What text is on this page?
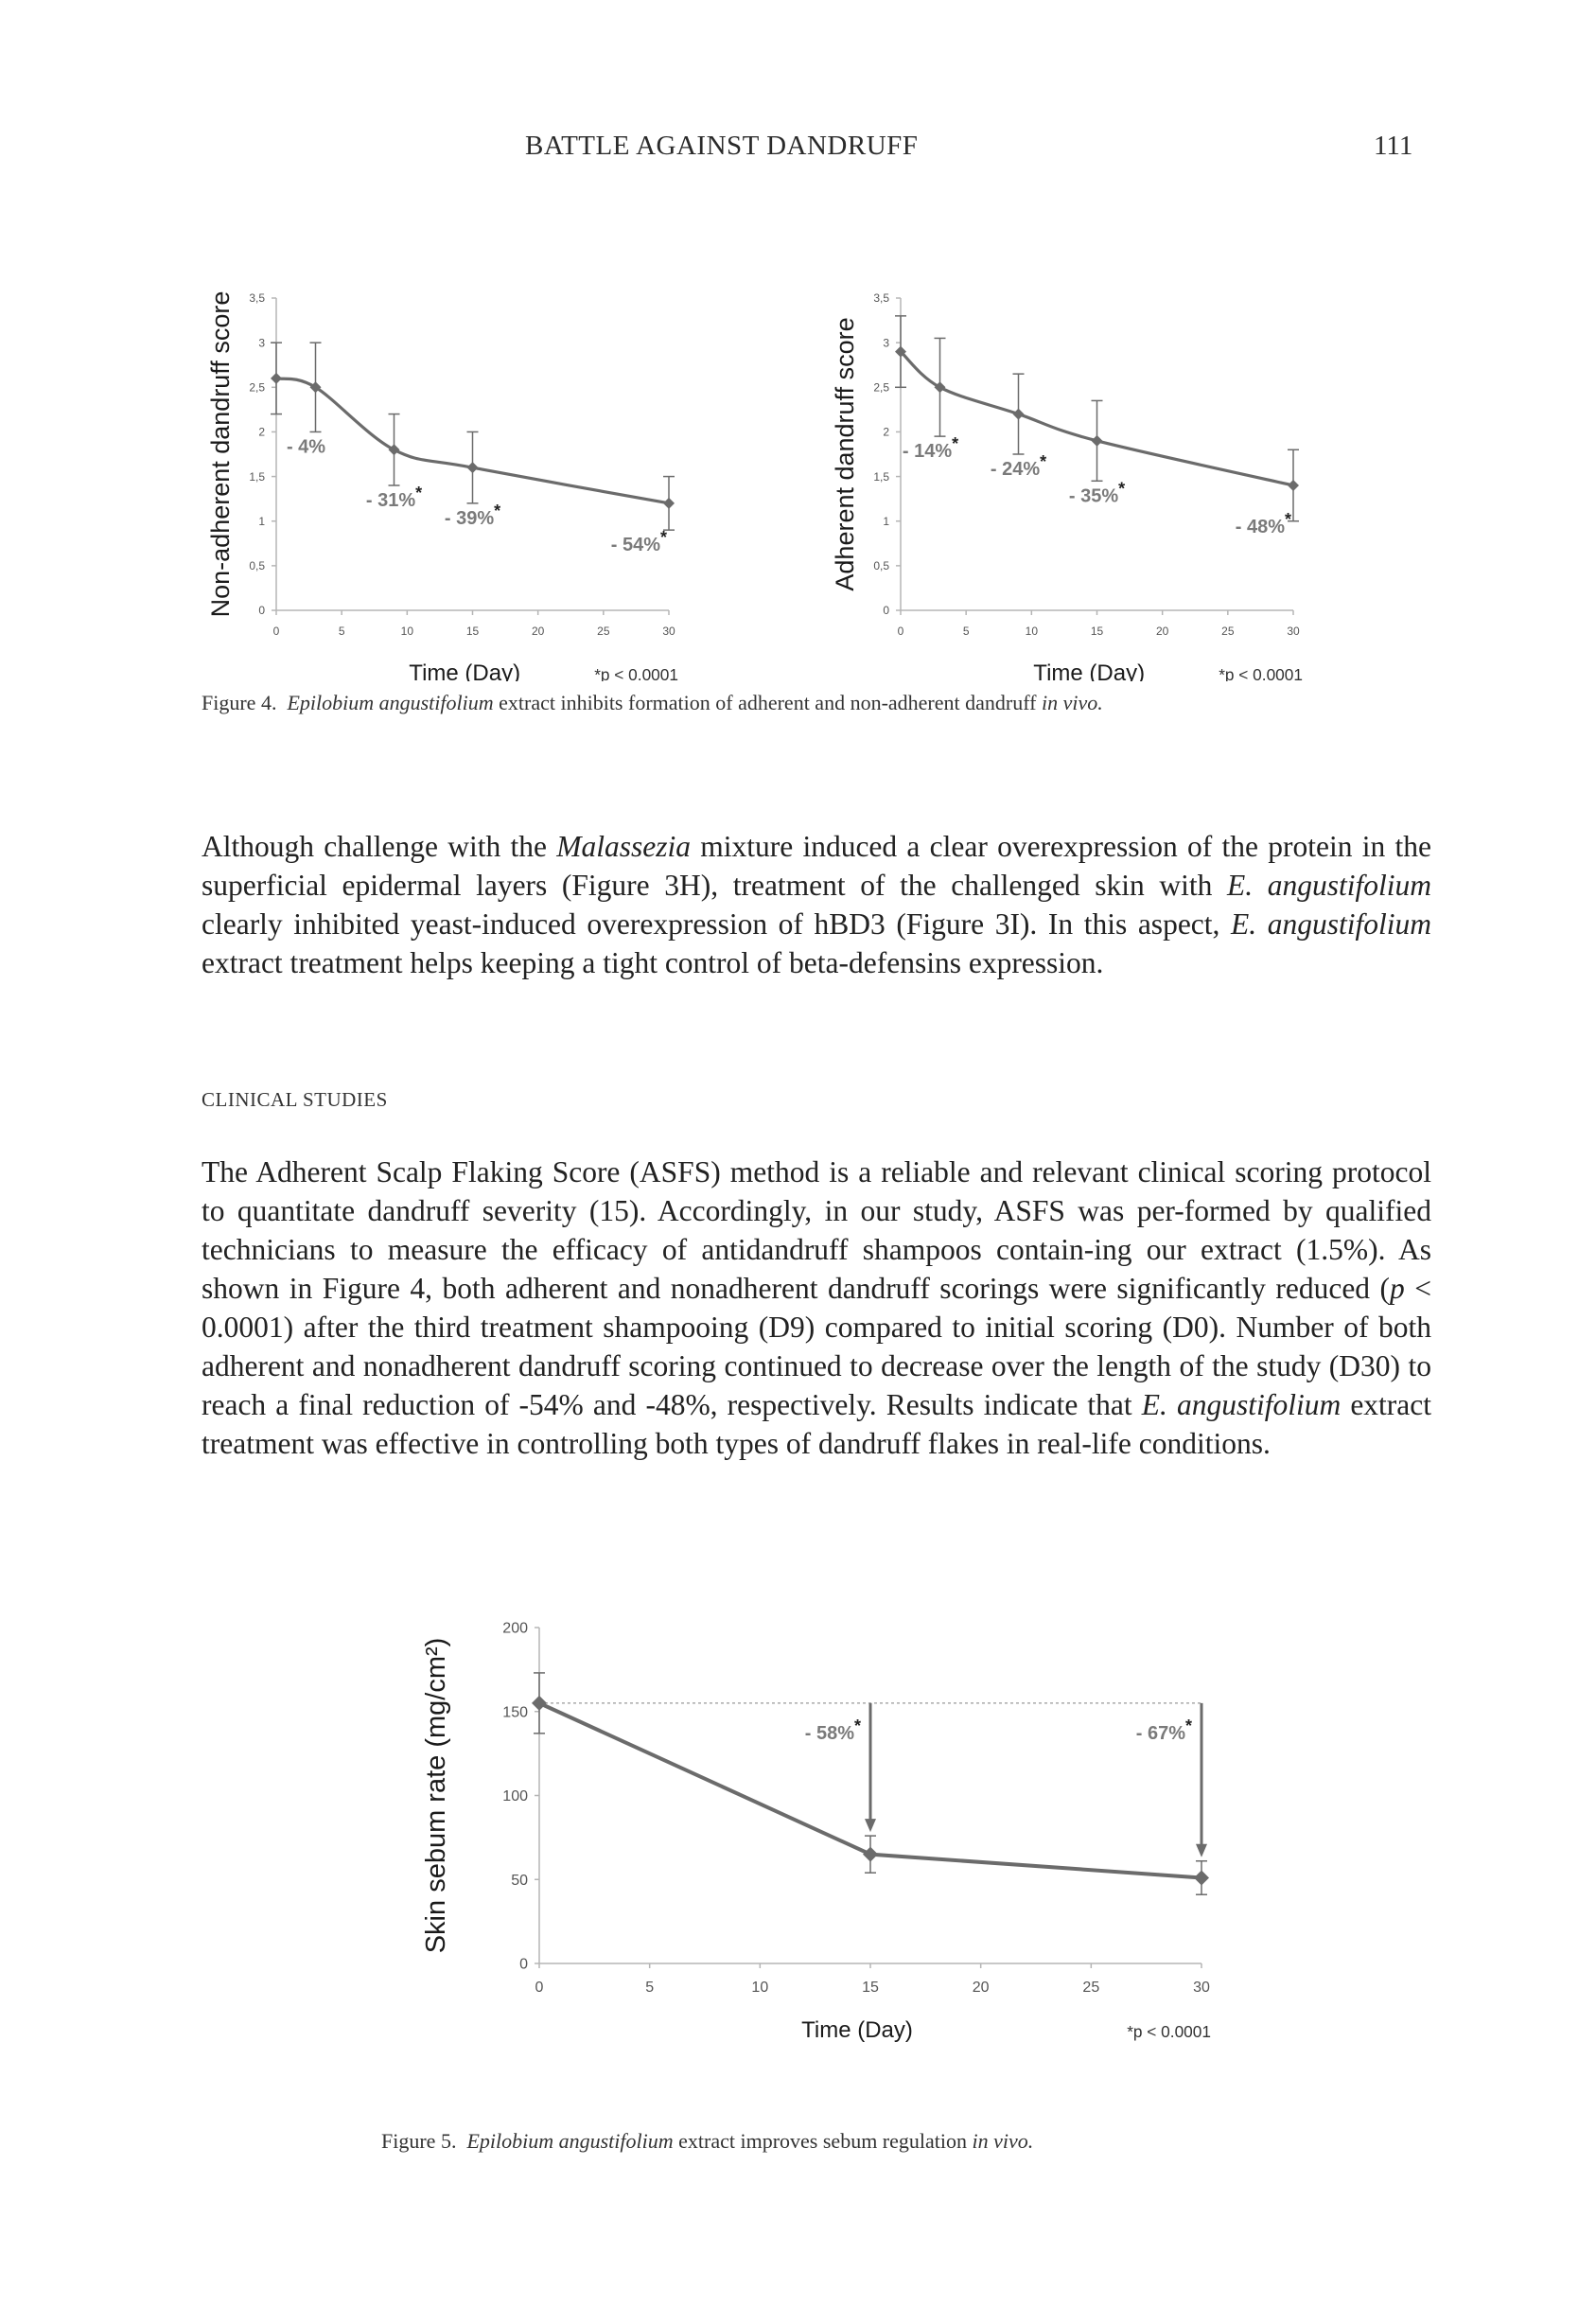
BATTLE AGAINST DANDRUFF	111
0
0,5
1
1,5
2
2,5
3
3,5
0	5	10	15	20	25	30
Non-adherent dandruff score
Time (Day)	*p < 0.0001
- 4%
- 31%*
- 39%*
- 54%*
0
0,5
1
1,5
2
2,5
3
3,5
0	5	10	15	20	25	30
Adherent dandruff score
Time (Day)	*p < 0.0001
- 14%*
- 24%*
- 35%*
- 48%*
Figure 4. Epilobium angustifolium extract inhibits formation of adherent and non-adherent dandruff in vivo.
Although challenge with the Malassezia mixture induced a clear overexpression of the protein in the superficial epidermal layers (Figure 3H), treatment of the challenged skin with E. angustifolium clearly inhibited yeast-induced overexpression of hBD3 (Figure 3I). In this aspect, E. angustifolium extract treatment helps keeping a tight control of beta-defensins expression.
CLINICAL STUDIES
The Adherent Scalp Flaking Score (ASFS) method is a reliable and relevant clinical scoring protocol to quantitate dandruff severity (15). Accordingly, in our study, ASFS was per-formed by qualified technicians to measure the efficacy of antidandruff shampoos contain-ing our extract (1.5%). As shown in Figure 4, both adherent and nonadherent dandruff scorings were significantly reduced (p < 0.0001) after the third treatment shampooing (D9) compared to initial scoring (D0). Number of both adherent and nonadherent dandruff scoring continued to decrease over the length of the study (D30) to reach a final reduction of -54% and -48%, respectively. Results indicate that E. angustifolium extract treatment was effective in controlling both types of dandruff flakes in real-life conditions.
0
50
100
150
200
0	5	10	15	20	25	30
Skin sebum rate (mg/cm²)
Time (Day)	*p < 0.0001
- 58%*	- 67%*
Figure 5. Epilobium angustifolium extract improves sebum regulation in vivo.
